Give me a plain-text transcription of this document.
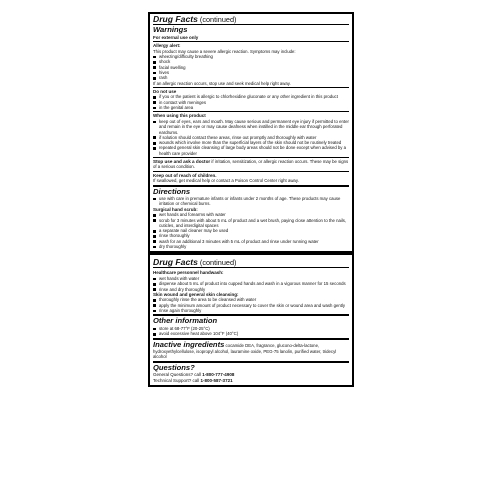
Drug Facts (continued)
Warnings
For external use only
Allergy alert:
This product may cause a severe allergic reaction. Symptoms may include:
wheezing/difficulty breathing
shock
facial swelling
hives
rash
If an allergic reaction occurs, stop use and seek medical help right away.
Do not use
if you or the patient is allergic to chlorhexidine gluconate or any other ingredient in this product
in contact with meninges
in the genital area
When using this product
keep out of eyes, ears and mouth. May cause serious and permanent eye injury if permitted to enter and remain in the eye or may cause deafness when instilled in the middle ear through perforated eardrums.
if solution should contact these areas, rinse out promptly and thoroughly with water
wounds which involve more than the superficial layers of the skin should not be routinely treated
repeated general skin cleansing of large body areas should not be done except when advised by a health care provider
Stop use and ask a doctor if irritation, sensitization, or allergic reaction occurs. These may be signs of a serious condition.
Keep out of reach of children.
If swallowed, get medical help or contact a Poison Control Center right away.
Directions
use with care in premature infants or infants under 2 months of age. These products may cause irritation or chemical burns.
Surgical hand scrub:
wet hands and forearms with water
scrub for 3 minutes with about 5 mL of product and a wet brush, paying close attention to the nails, cuticles, and interdigital spaces
a separate nail cleaner may be used
rinse thoroughly
wash for an additional 3 minutes with 5 mL of product and rinse under running water
dry thoroughly
Drug Facts (continued)
Healthcare personnel handwash:
wet hands with water
dispense about 5 mL of product into cupped hands and wash in a vigorous manner for 15 seconds
rinse and dry thoroughly
Skin wound and general skin cleansing:
thoroughly rinse the area to be cleansed with water
apply the minimum amount of product necessary to cover the skin or wound area and wash gently
rinse again thoroughly
Other information
store at 68-77°F (20-25°C)
avoid excessive heat above 104°F (40°C)
Inactive ingredients cocamide DEA, fragrance, glucono-delta-lactone, hydroxyethylcellulose, isopropyl alcohol, lauramine oxide, PEG-75 lanolin, purified water, tridecyl alcohol
Questions?
General Questions? call 1-800-777-4908
Technical Support? call 1-800-587-3721
